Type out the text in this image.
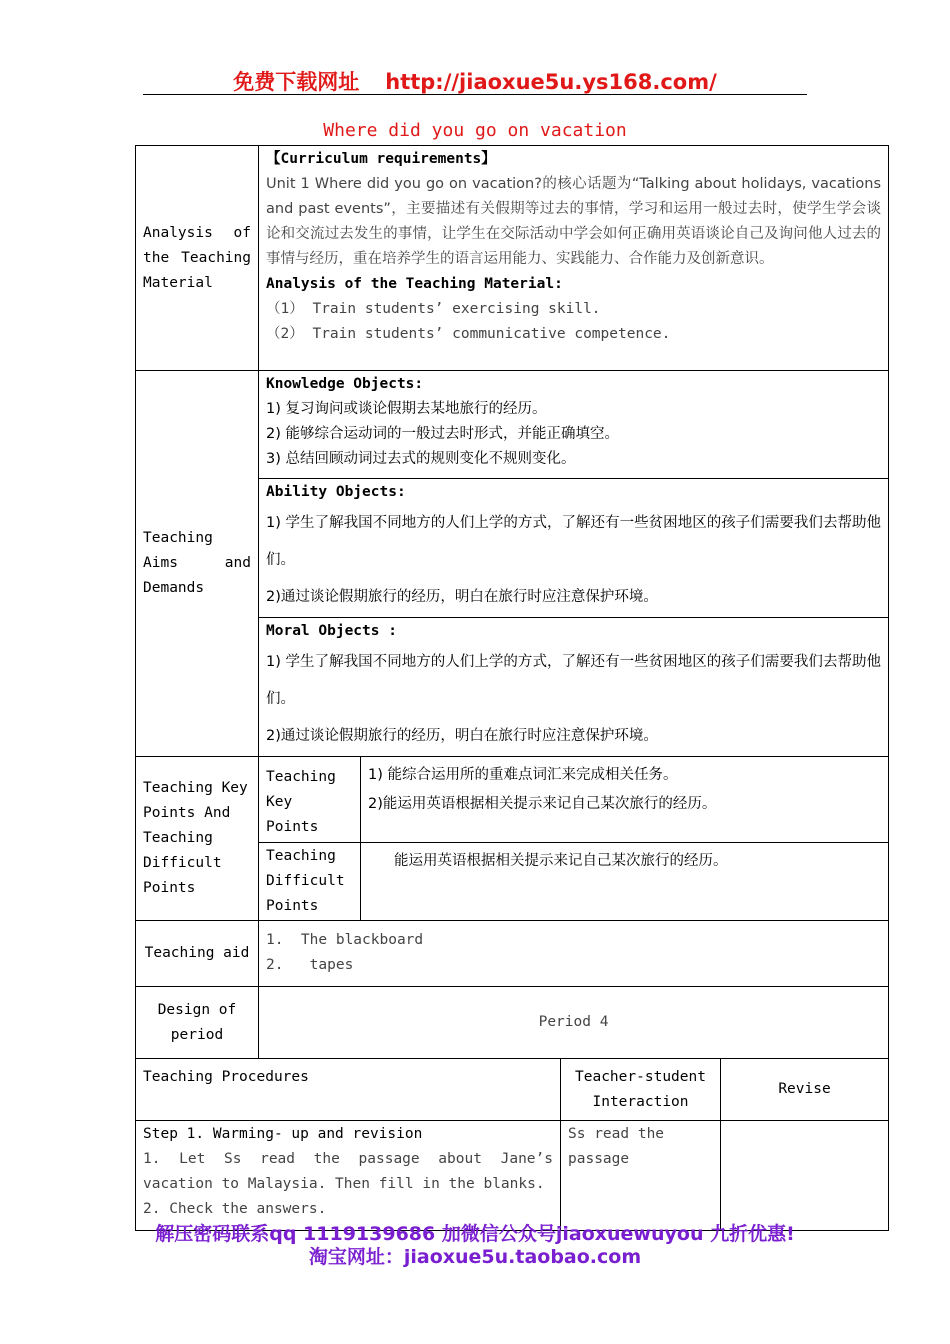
免费下载网址 http://jiaoxue5u.ys168.com/
Where did you go on vacation
Analysis of the Teaching Material	【Curriculum requirements】

Unit 1 Where did you go on vacation?的核心话题为“Talking about holidays, vacations and past events”，主要描述有关假期等过去的事情，学习和运用一般过去时，使学生学会谈论和交流过去发生的事情，让学生在交际活动中学会如何正确用英语谈论自己及询问他人过去的事情与经历，重在培养学生的语言运用能力、实践能力、合作能力及创新意识。

Analysis of the Teaching Material:

（1） Train students’ exercising skill.

（2） Train students’ communicative competence.			

Teaching Aims and Demands	Knowledge Objects:

1) 复习询问或谈论假期去某地旅行的经历。

2) 能够综合运动词的一般过去时形式，并能正确填空。

3) 总结回顾动词过去式的规则变化不规则变化。			

	Ability Objects:

1) 学生了解我国不同地方的人们上学的方式，了解还有一些贫困地区的孩子们需要我们去帮助他们。

2)通过谈论假期旅行的经历，明白在旅行时应注意保护环境。			

	Moral Objects :

1) 学生了解我国不同地方的人们上学的方式，了解还有一些贫困地区的孩子们需要我们去帮助他们。

2)通过谈论假期旅行的经历，明白在旅行时应注意保护环境。			

Teaching Key Points And Teaching Difficult Points	Teaching Key Points	1) 能综合运用所的重难点词汇来完成相关任务。

2)能运用英语根据相关提示来记自己某次旅行的经历。		

	Teaching Difficult Points	能运用英语根据相关提示来记自己某次旅行的经历。		
Teaching aid	1.  The blackboard

2.   tapes			

Design of period	Period 4			
Teaching Procedures			Teacher-student Interaction	Revise

Step 1. Warming- up and revision

1. Let Ss read the passage about Jane’s vacation to Malaysia. Then fill in the blanks.

2. Check the answers.			Ss read the passage	
解压密码联系qq 1119139686 加微信公众号jiaoxuewuyou 九折优惠!
淘宝网址：jiaoxue5u.taobao.com
